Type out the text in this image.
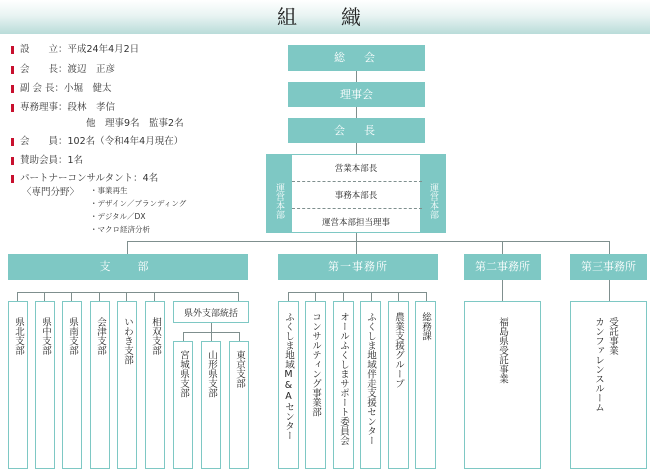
組　織
設　　立：平成24年4月2日
会　　長：渡辺　正彦
副 会 長：小堀　健太
専務理事：段林　孝信
他　理事9名　監事2名
会　　員：102名（令和4年4月現在）
賛助会員：1名
パートナーコンサルタント：4名
〈専門分野〉 ・事業再生
・デザイン／ブランディング
・デジタル／DX
・マクロ経済分析
総　会
理事会
会　長
運営本部	運営本部
営業本部長
事務本部長
運営本部担当理事
支　部	第一事務所	第二事務所	第三事務所
県北支部 県中支部 県南支部 会津支部 いわき支部 相双支部
県外支部統括
宮城県支部 山形県支部 東京支部	ふくしま地域M&Aセンター コンサルティング事業部 オールふくしまサポート委員会 ふくしま地域伴走支援センター 農業支援グループ 総務課	福島県受託事業	受託事業
カンファレンスルーム
